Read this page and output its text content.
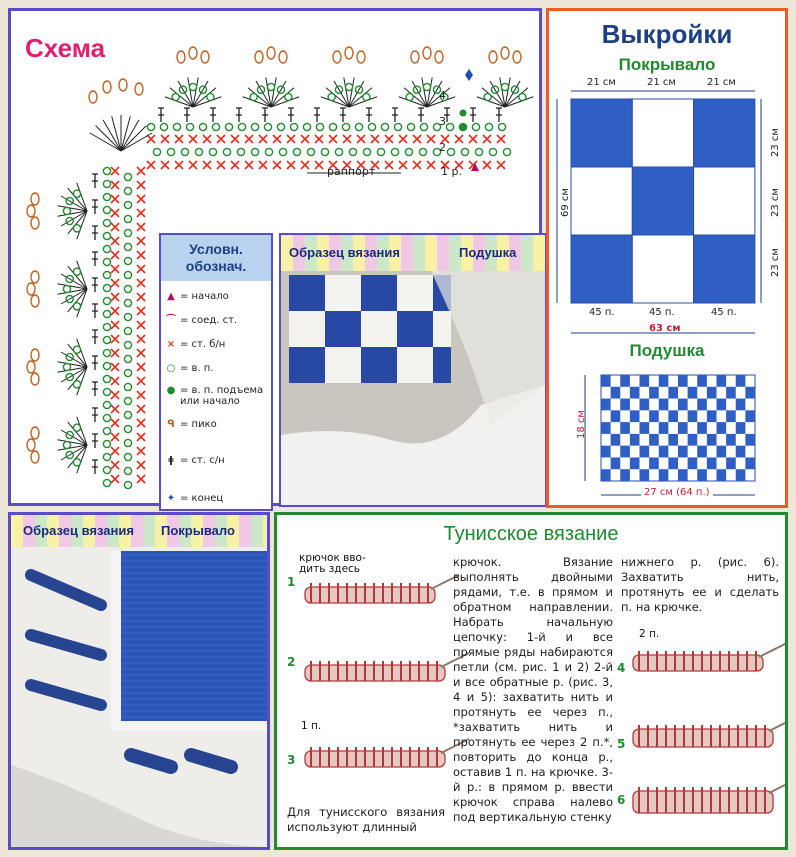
Схема
раппорт	1 р.
4
3
2
Условн.
обознач.
▲ = начало
⌒ = соед. ст.
× = ст. б/н
○ = в. п.
● = в. п. подъема или начало
ᑫ = пико
ǂ = ст. с/н
✦ = конец
Образец вязания	Подушка
Выкройки
Покрывало
21 см	21 см	21 см
69 см
23 см
23 см
23 см
45 п.	45 п.	45 п.
63 см
Подушка
18 см
27 см (64 п.)
Образец вязания Покрывало	Тунисское вязание
крючок вво-
дить здесь
1 п.
2 п.
1
2
3
4
5
6
Для тунисского вязания используют длинный
крючок. Вязание выполнять двойными рядами, т.е. в прямом и обратном направлении. Набрать начальную цепочку: 1-й и все прямые ряды набираются петли (см. рис. 1 и 2) 2-й и все обратные р. (рис. 3, 4 и 5): захватить нить и протянуть ее через п., *захватить нить и протянуть ее через 2 п.*, повторить до конца р., оставив 1 п. на крючке. 3-й р.: в прямом р. ввести крючок справа налево под вертикальную стенку
нижнего р. (рис. 6). Захватить нить, протянуть ее и сделать п. на крючке.
